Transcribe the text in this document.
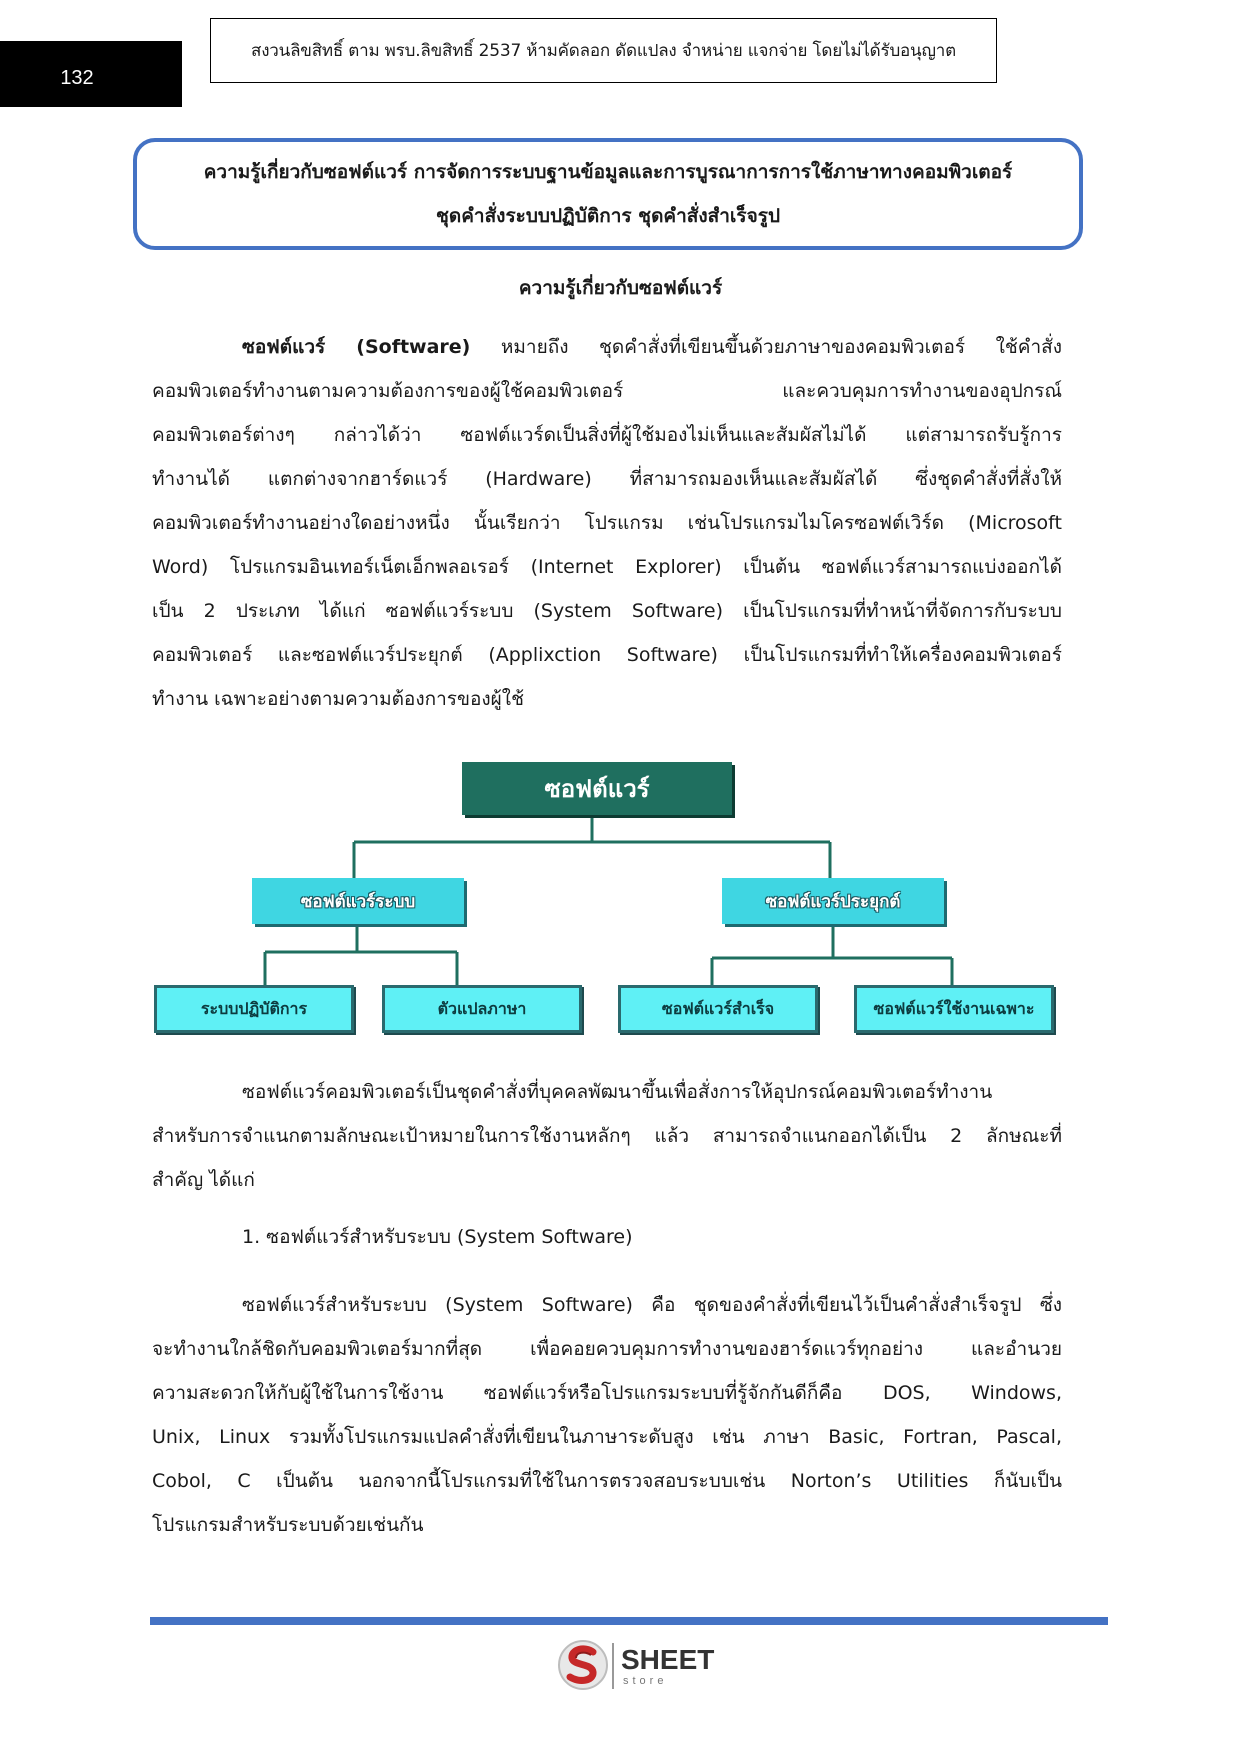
132
สงวนลิขสิทธิ์ ตาม พรบ.ลิขสิทธิ์ 2537 ห้ามคัดลอก ดัดแปลง จำหน่าย แจกจ่าย โดยไม่ได้รับอนุญาต
ความรู้เกี่ยวกับซอฟต์แวร์ การจัดการระบบฐานข้อมูลและการบูรณาการการใช้ภาษาทางคอมพิวเตอร์
ชุดคำสั่งระบบปฏิบัติการ ชุดคำสั่งสำเร็จรูป
ความรู้เกี่ยวกับซอฟต์แวร์
ซอฟต์แวร์ (Software) หมายถึง ชุดคำสั่งที่เขียนขึ้นด้วยภาษาของคอมพิวเตอร์ ใช้คำสั่ง
คอมพิวเตอร์ทำงานตามความต้องการของผู้ใช้คอมพิวเตอร์ และควบคุมการทำงานของอุปกรณ์
คอมพิวเตอร์ต่างๆ กล่าวได้ว่า ซอฟต์แวร์ดเป็นสิ่งที่ผู้ใช้มองไม่เห็นและสัมผัสไม่ได้ แต่สามารถรับรู้การ
ทำงานได้ แตกต่างจากฮาร์ดแวร์ (Hardware) ที่สามารถมองเห็นและสัมผัสได้ ซึ่งชุดคำสั่งที่สั่งให้
คอมพิวเตอร์ทำงานอย่างใดอย่างหนึ่ง นั้นเรียกว่า โปรแกรม เช่นโปรแกรมไมโครซอฟต์เวิร์ด (Microsoft
Word) โปรแกรมอินเทอร์เน็ตเอ็กพลอเรอร์ (Internet Explorer) เป็นต้น ซอฟต์แวร์สามารถแบ่งออกได้
เป็น 2 ประเภท ได้แก่ ซอฟต์แวร์ระบบ (System Software) เป็นโปรแกรมที่ทำหน้าที่จัดการกับระบบ
คอมพิวเตอร์ และซอฟต์แวร์ประยุกต์ (Applixction Software) เป็นโปรแกรมที่ทำให้เครื่องคอมพิวเตอร์
ทำงาน เฉพาะอย่างตามความต้องการของผู้ใช้
ซอฟต์แวร์
ซอฟต์แวร์ระบบ	ซอฟต์แวร์ประยุกต์
ระบบปฏิบัติการ	ตัวแปลภาษา	ซอฟต์แวร์สำเร็จ	ซอฟต์แวร์ใช้งานเฉพาะ
ซอฟต์แวร์คอมพิวเตอร์เป็นชุดคำสั่งที่บุคคลพัฒนาขึ้นเพื่อสั่งการให้อุปกรณ์คอมพิวเตอร์ทำงาน
สำหรับการจำแนกตามลักษณะเป้าหมายในการใช้งานหลักๆ แล้ว สามารถจำแนกออกได้เป็น 2 ลักษณะที่
สำคัญ ได้แก่
1. ซอฟต์แวร์สำหรับระบบ (System Software)
ซอฟต์แวร์สำหรับระบบ (System Software) คือ ชุดของคำสั่งที่เขียนไว้เป็นคำสั่งสำเร็จรูป ซึ่ง
จะทำงานใกล้ชิดกับคอมพิวเตอร์มากที่สุด เพื่อคอยควบคุมการทำงานของฮาร์ดแวร์ทุกอย่าง และอำนวย
ความสะดวกให้กับผู้ใช้ในการใช้งาน ซอฟต์แวร์หรือโปรแกรมระบบที่รู้จักกันดีก็คือ DOS, Windows,
Unix, Linux รวมทั้งโปรแกรมแปลคำสั่งที่เขียนในภาษาระดับสูง เช่น ภาษา Basic, Fortran, Pascal,
Cobol, C เป็นต้น นอกจากนี้โปรแกรมที่ใช้ในการตรวจสอบระบบเช่น Norton’s Utilities ก็นับเป็น
โปรแกรมสำหรับระบบด้วยเช่นกัน
SHEET
store
